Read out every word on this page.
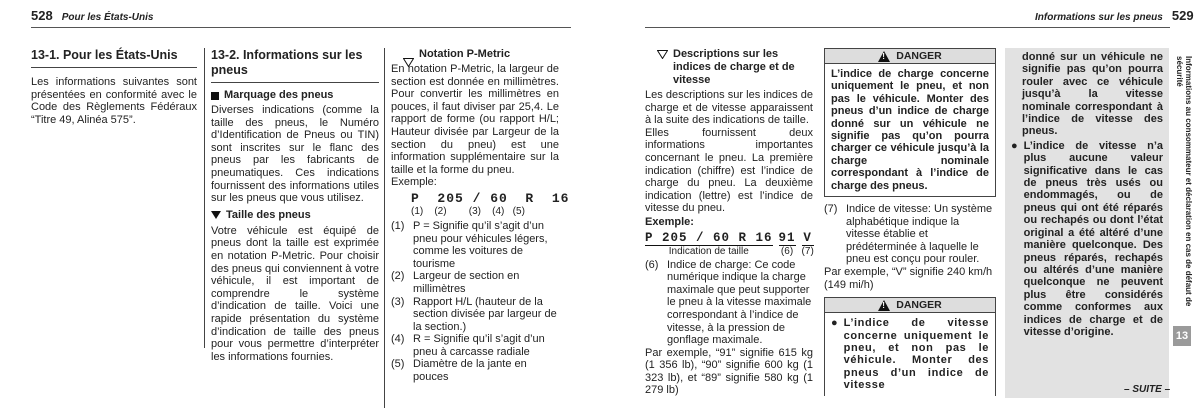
528 Pour les États-Unis

13-1. Pour les États-Unis

Les informations suivantes sont présentées en conformité avec le Code des Règlements Fédéraux “Titre 49, Alinéa 575”.

13-2. Informations sur les pneus

Marquage des pneus

Diverses indications (comme la taille des pneus, le Numéro d’Identification de Pneus ou TIN) sont inscrites sur le flanc des pneus par les fabricants de pneumatiques. Ces indications fournissent des informations utiles sur les pneus que vous utilisez.

Taille des pneus

Votre véhicule est équipé de pneus dont la taille est exprimée en notation P-Metric. Pour choisir des pneus qui conviennent à votre véhicule, il est important de comprendre le système d’indication de taille. Voici une rapide présentation du système d’indication de taille des pneus pour vous permettre d’interpréter les informations fournies.

Notation P-Metric

En notation P-Metric, la largeur de section est donnée en millimètres. Pour convertir les millimètres en pouces, il faut diviser par 25,4. Le rapport de forme (ou rapport H/L; Hauteur divisée par Largeur de la section du pneu) est une information supplémentaire sur la taille et la forme du pneu.

Exemple:

P  205 / 60  R  16
(1)    (2)        (3)    (4)   (5)
(1) P = Signifie qu’il s’agit d’un pneu pour véhicules légers, comme les voitures de tourisme
(2) Largeur de section en millimètres
(3) Rapport H/L (hauteur de la section divisée par largeur de la section.)
(4) R = Signifie qu’il s’agit d’un pneu à carcasse radiale
(5) Diamètre de la jante en pouces
Informations sur les pneus 529
Descriptions sur les indices de charge et de vitesse

Les descriptions sur les indices de charge et de vitesse apparaissent à la suite des indications de taille.

Elles fournissent deux informations importantes concernant le pneu. La première indication (chiffre) est l’indice de charge du pneu. La deuxième indication (lettre) est l’indice de vitesse du pneu.

Exemple:

P 205 / 60 R 16
Indication de taille
91
(6)
V
(7)
(6) Indice de charge: Ce code numérique indique la charge maximale que peut supporter le pneu à la vitesse maximale correspondant à l’indice de vitesse, à la pression de gonflage maximale.

Par exemple, “91” signifie 615 kg (1 356 lb), “90” signifie 600 kg (1 323 lb), et “89” signifie 580 kg (1 279 lb)

!
DANGER

L’indice de charge concerne uniquement le pneu, et non pas le véhicule. Monter des pneus d’un indice de charge donné sur un véhicule ne signifie pas qu’on pourra charger ce véhicule jusqu’à la charge nominale correspondant à l’indice de charge des pneus.

(7) Indice de vitesse: Un système alphabétique indique la vitesse établie et prédéterminée à laquelle le pneu est conçu pour rouler.

Par exemple, “V” signifie 240 km/h (149 mi/h)

!
DANGER
● L’indice de vitesse concerne uniquement le pneu, et non pas le véhicule. Monter des pneus d’un indice de vitesse

donné sur un véhicule ne signifie pas qu’on pourra rouler avec ce véhicule jusqu’à la vitesse nominale correspondant à l’indice de vitesse des pneus.

● L’indice de vitesse n’a plus aucune valeur significative dans le cas de pneus très usés ou endommagés, ou de pneus qui ont été réparés ou rechapés ou dont l’état original a été altéré d’une manière quelconque. Des pneus réparés, rechapés ou altérés d’une manière quelconque ne peuvent plus être considérés comme conformes aux indices de charge et de vitesse d’origine.

Informations au consommateur et déclaration en cas de défaut de sécurité
13
– SUITE –
